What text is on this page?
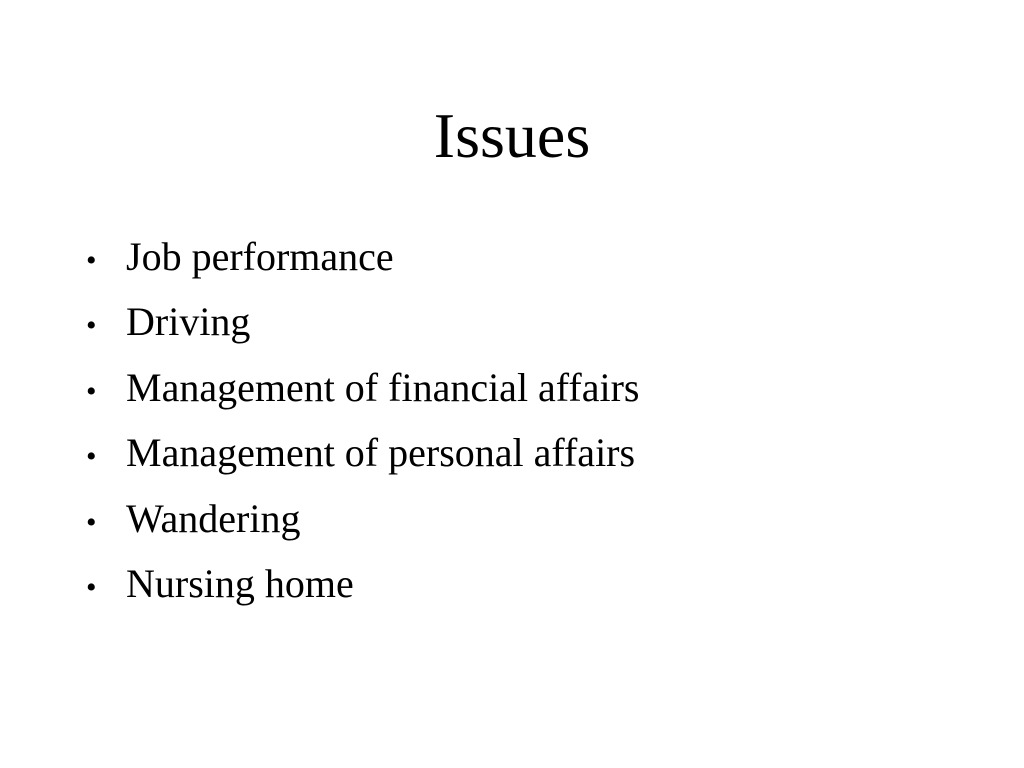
Issues
• Job performance
• Driving
• Management of financial affairs
• Management of personal affairs
• Wandering
• Nursing home
